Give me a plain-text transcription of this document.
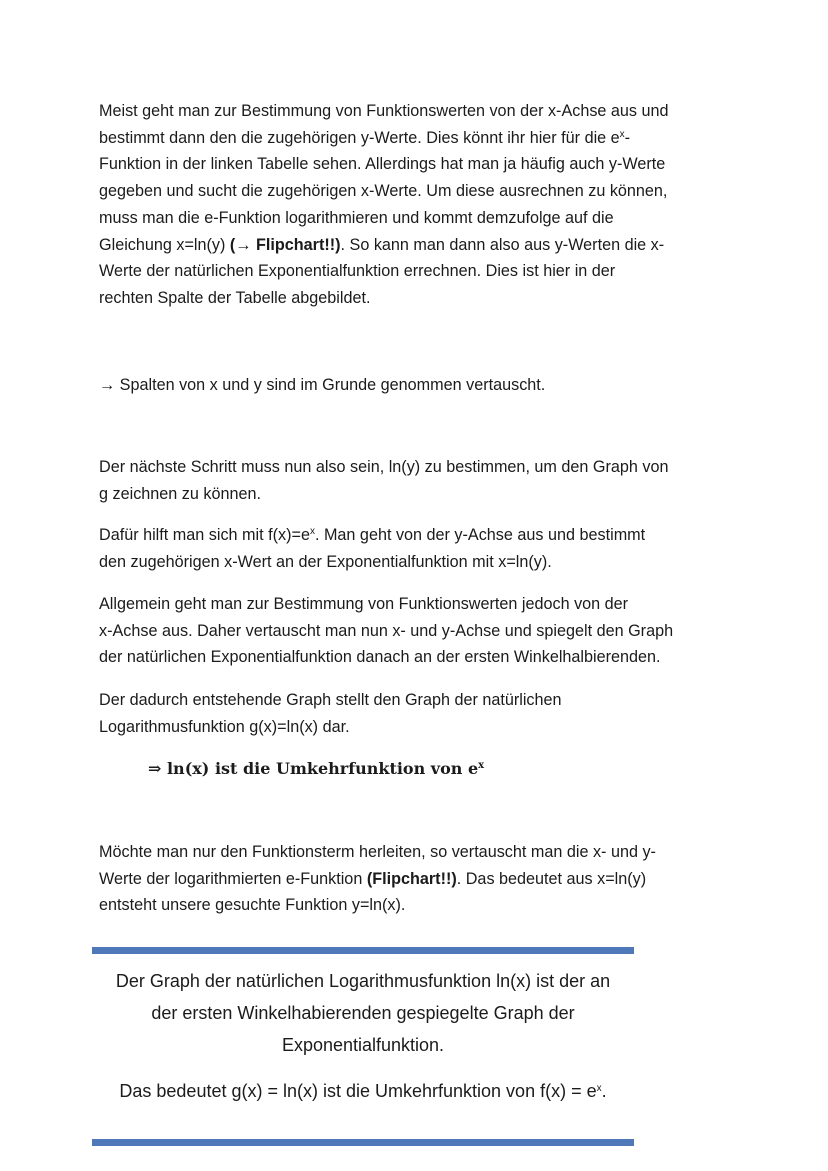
Meist geht man zur Bestimmung von Funktionswerten von der x-Achse aus und
bestimmt dann den die zugehörigen y-Werte. Dies könnt ihr hier für die $e^x-$
Funktion in der linken Tabelle sehen. Allerdings hat man ja häufig auch y-Werte
gegeben und sucht die zugehörigen x-Werte. Um diese ausrechnen zu können,
muss man die e-Funktion logarithmieren und kommt demzufolge auf die
Gleichung x=ln(y) (→ Flipchart!!). So kann man dann also aus y-Werten die x-
Werte der natürlichen Exponentialfunktion errechnen. Dies ist hier in der
rechten Spalte der Tabelle abgebildet.
→ Spalten von x und y sind im Grunde genommen vertauscht.
Der nächste Schritt muss nun also sein, ln(y) zu bestimmen, um den Graph von
g zeichnen zu können.
Dafür hilft man sich mit $f(x)=e^x$. Man geht von der y-Achse aus und bestimmt
den zugehörigen x-Wert an der Exponentialfunktion mit x=ln(y).
Allgemein geht man zur Bestimmung von Funktionswerten jedoch von der
x-Achse aus. Daher vertauscht man nun x- und y-Achse und spiegelt den Graph
der natürlichen Exponentialfunktion danach an der ersten Winkelhalbierenden.
Der dadurch entstehende Graph stellt den Graph der natürlichen
Logarithmusfunktion g(x)=ln(x) dar.
⇒ ln(x) ist die Umkehrfunktion von $e^x$
Möchte man nur den Funktionsterm herleiten, so vertauscht man die x- und y-
Werte der logarithmierten e-Funktion (Flipchart!!). Das bedeutet aus x=ln(y)
entsteht unsere gesuchte Funktion y=ln(x).
Der Graph der natürlichen Logarithmusfunktion ln(x) ist der an
der ersten Winkelhabierenden gespiegelte Graph der
Exponentialfunktion.
Das bedeutet g(x) = ln(x) ist die Umkehrfunktion von $f(x) = e^x$.
